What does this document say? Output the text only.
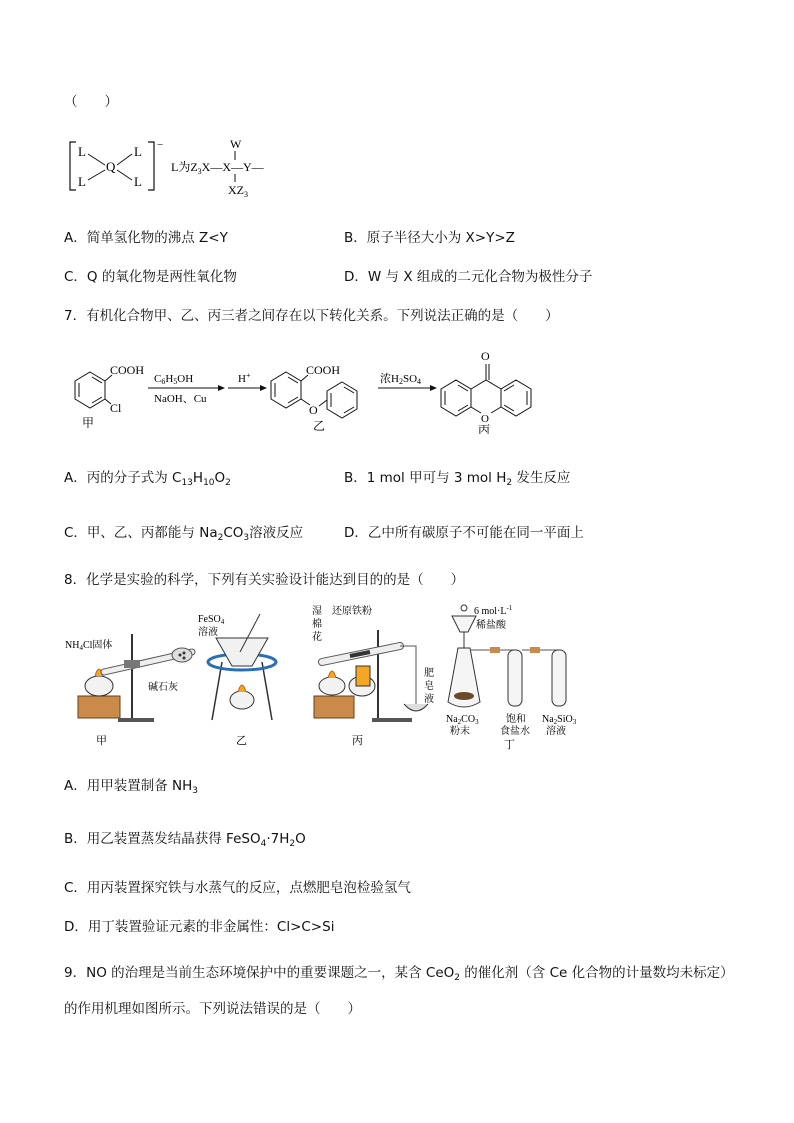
（　　）
−
L	L
L	L
Q	L为$Z_3X—X—Y—$
W
$XZ_3$
A．简单氢化物的沸点 Z<Y	B．原子半径大小为 X>Y>Z
C．Q 的氧化物是两性氧化物	D．W 与 X 组成的二元化合物为极性分子
7．有机化合物甲、乙、丙三者之间存在以下转化关系。下列说法正确的是（　　）
COOH
Cl
甲
C6H5OH
NaOH、Cu
H+	COOH
O
乙
浓H2SO4
O
O
丙
A．丙的分子式为 $C_{13}H_{10}O_2$	B．1 mol 甲可与 3 mol $H_2$ 发生反应
C．甲、乙、丙都能与 $Na_2CO_3$溶液反应	D．乙中所有碳原子不可能在同一平面上
8．化学是实验的科学，下列有关实验设计能达到目的的是（　　）
$NH_4Cl$固体
碱石灰
FeSO$_4$
溶液
湿
棉
花
还原铁粉
肥
皂
液
6 $mol\cdot L^{-1}$
稀盐酸
$Na_2CO_3$
粉末
饱和
食盐水
$Na_2SiO_3$
溶液
甲	乙	丙	丁
A．用甲装置制备 $NH_3$
B．用乙装置蒸发结晶获得 $FeSO_4\cdot 7H_2O$
C．用丙装置探究铁与水蒸气的反应，点燃肥皂泡检验氢气
D．用丁装置验证元素的非金属性：Cl>C>Si
9．NO 的治理是当前生态环境保护中的重要课题之一，某含 CeO$_2$ 的催化剂（含 Ce 化合物的计量数均未标定）
的作用机理如图所示。下列说法错误的是（　　）
